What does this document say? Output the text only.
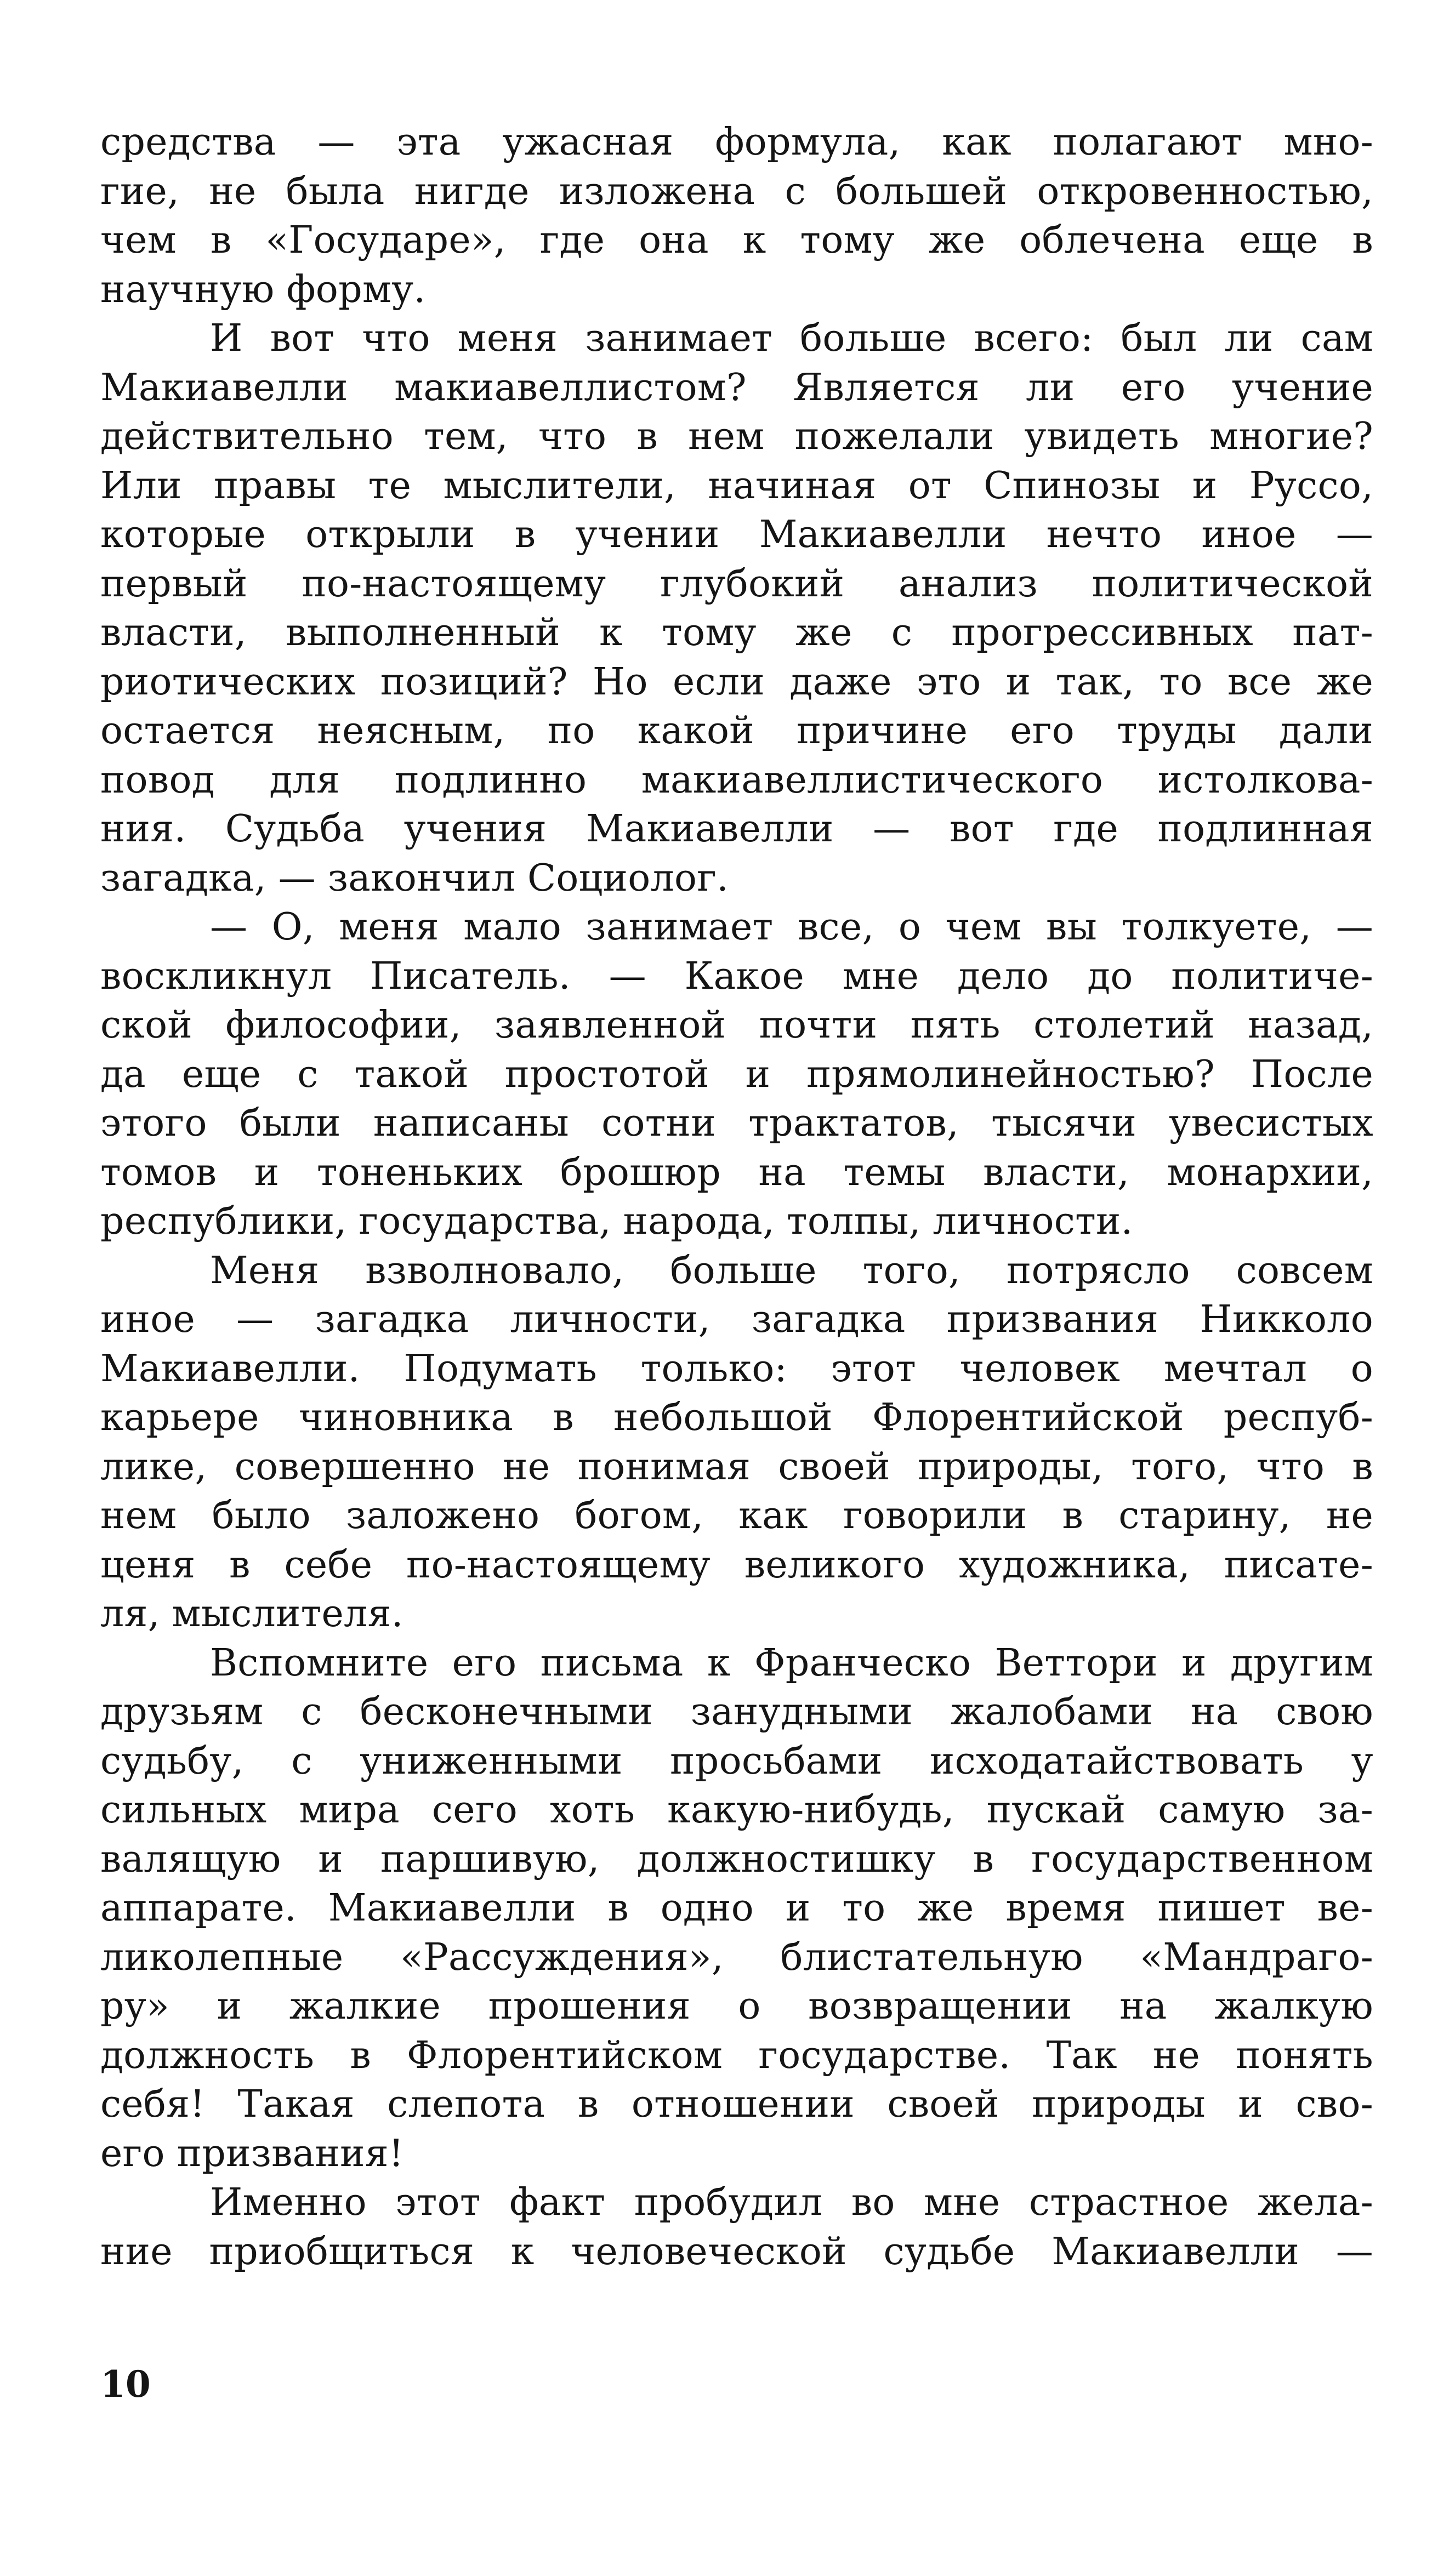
средства — эта ужасная формула, как полагают мно-
гие, не была нигде изложена с большей откровенностью,
чем в «Государе», где она к тому же облечена еще в
научную форму.
И вот что меня занимает больше всего: был ли сам
Макиавелли макиавеллистом? Является ли его учение
действительно тем, что в нем пожелали увидеть многие?
Или правы те мыслители, начиная от Спинозы и Руссо,
которые открыли в учении Макиавелли нечто иное —
первый по-настоящему глубокий анализ политической
власти, выполненный к тому же с прогрессивных пат-
риотических позиций? Но если даже это и так, то все же
остается неясным, по какой причине его труды дали
повод для подлинно макиавеллистического истолкова-
ния. Судьба учения Макиавелли — вот где подлинная
загадка, — закончил Социолог.
— О, меня мало занимает все, о чем вы толкуете, —
воскликнул Писатель. — Какое мне дело до политиче-
ской философии, заявленной почти пять столетий назад,
да еще с такой простотой и прямолинейностью? После
этого были написаны сотни трактатов, тысячи увесистых
томов и тоненьких брошюр на темы власти, монархии,
республики, государства, народа, толпы, личности.
Меня взволновало, больше того, потрясло совсем
иное — загадка личности, загадка призвания Никколо
Макиавелли. Подумать только: этот человек мечтал о
карьере чиновника в небольшой Флорентийской респуб-
лике, совершенно не понимая своей природы, того, что в
нем было заложено богом, как говорили в старину, не
ценя в себе по-настоящему великого художника, писате-
ля, мыслителя.
Вспомните его письма к Франческо Веттори и другим
друзьям с бесконечными занудными жалобами на свою
судьбу, с униженными просьбами исходатайствовать у
сильных мира сего хоть какую-нибудь, пускай самую за-
валящую и паршивую, должностишку в государственном
аппарате. Макиавелли в одно и то же время пишет ве-
ликолепные «Рассуждения», блистательную «Мандраго-
ру» и жалкие прошения о возвращении на жалкую
должность в Флорентийском государстве. Так не понять
себя! Такая слепота в отношении своей природы и сво-
его призвания!
Именно этот факт пробудил во мне страстное жела-
ние приобщиться к человеческой судьбе Макиавелли —
10
